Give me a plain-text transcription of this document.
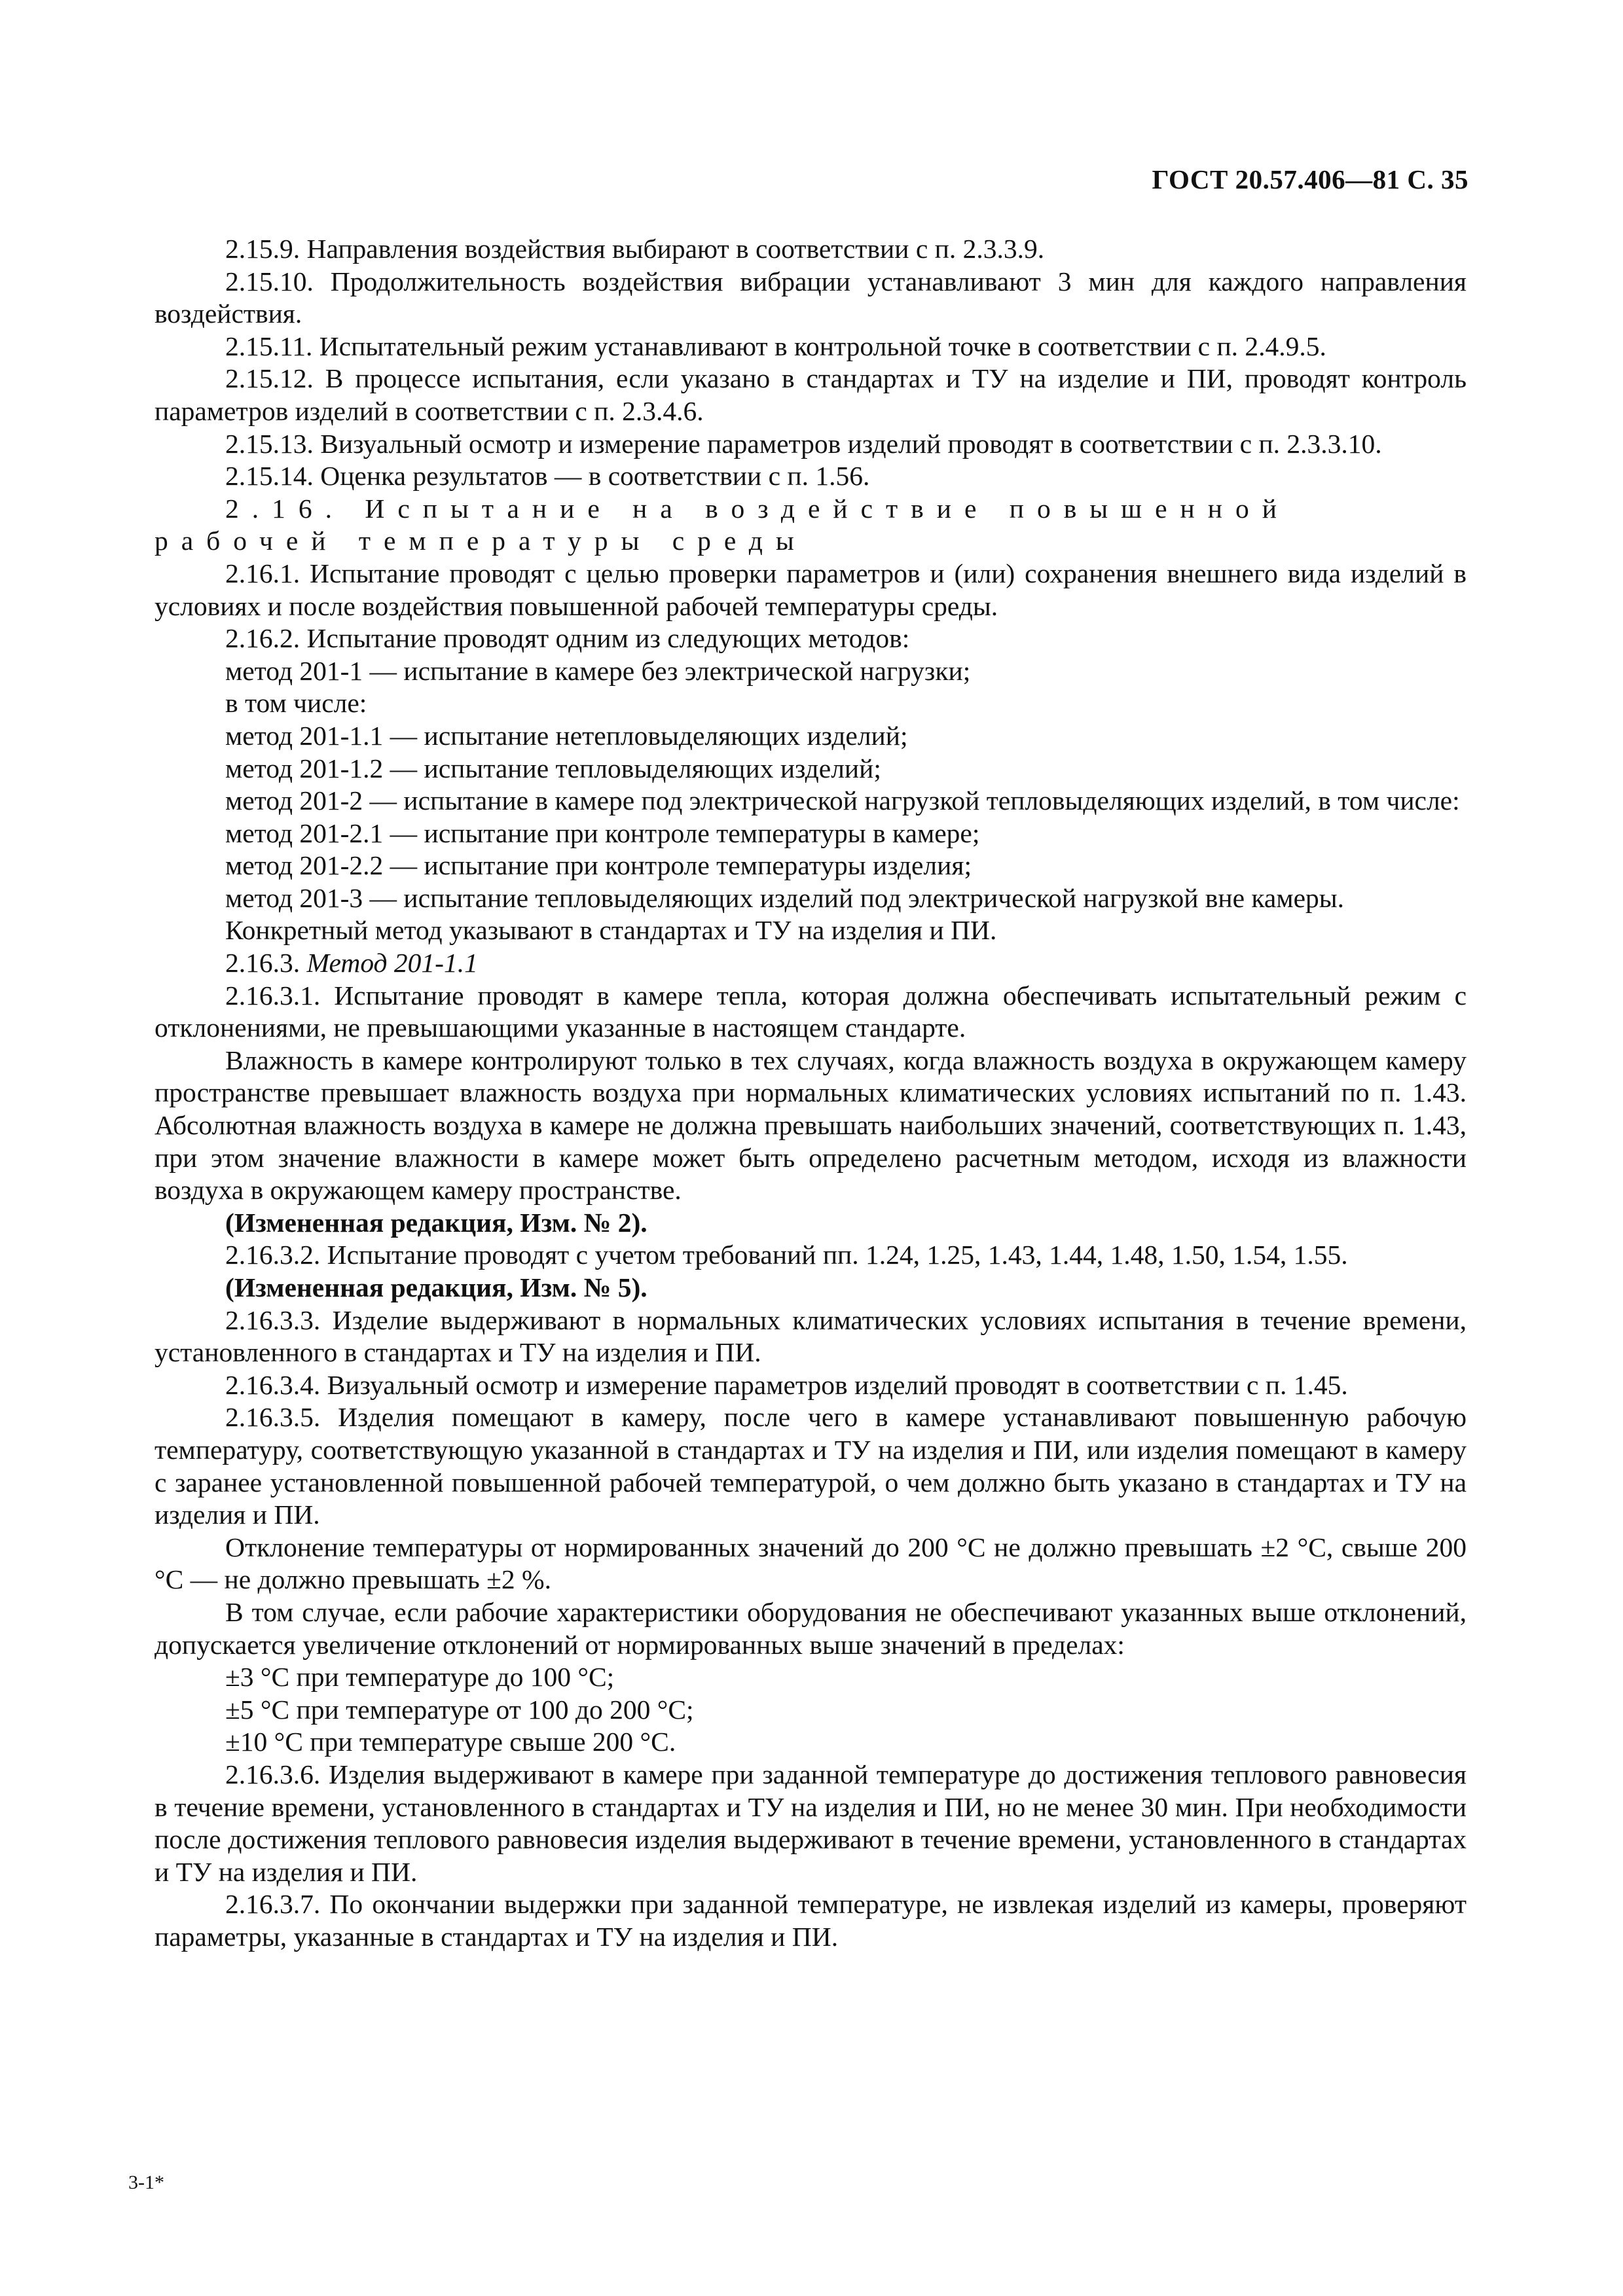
ГОСТ 20.57.406—81 С. 35

2.15.9. Направления воздействия выбирают в соответствии с п. 2.3.3.9.

2.15.10. Продолжительность воздействия вибрации устанавливают 3 мин для каждого направления воздействия.

2.15.11. Испытательный режим устанавливают в контрольной точке в соответствии с п. 2.4.9.5.

2.15.12. В процессе испытания, если указано в стандартах и ТУ на изделие и ПИ, проводят контроль параметров изделий в соответствии с п. 2.3.4.6.

2.15.13. Визуальный осмотр и измерение параметров изделий проводят в соответствии с п. 2.3.3.10.

2.15.14. Оценка результатов — в соответствии с п. 1.56.

2.16. Испытание на воздействие повышенной рабочей температуры среды

2.16.1. Испытание проводят с целью проверки параметров и (или) сохранения внешнего вида изделий в условиях и после воздействия повышенной рабочей температуры среды.

2.16.2. Испытание проводят одним из следующих методов:

метод 201-1 — испытание в камере без электрической нагрузки;

в том числе:

метод 201-1.1 — испытание нетепловыделяющих изделий;

метод 201-1.2 — испытание тепловыделяющих изделий;

метод 201-2 — испытание в камере под электрической нагрузкой тепловыделяющих изделий, в том числе:

метод 201-2.1 — испытание при контроле температуры в камере;

метод 201-2.2 — испытание при контроле температуры изделия;

метод 201-3 — испытание тепловыделяющих изделий под электрической нагрузкой вне камеры.

Конкретный метод указывают в стандартах и ТУ на изделия и ПИ.

2.16.3. Метод 201-1.1

2.16.3.1. Испытание проводят в камере тепла, которая должна обеспечивать испытательный режим с отклонениями, не превышающими указанные в настоящем стандарте.

Влажность в камере контролируют только в тех случаях, когда влажность воздуха в окружающем камеру пространстве превышает влажность воздуха при нормальных климатических условиях испытаний по п. 1.43. Абсолютная влажность воздуха в камере не должна превышать наибольших значений, соответствующих п. 1.43, при этом значение влажности в камере может быть определено расчетным методом, исходя из влажности воздуха в окружающем камеру пространстве.

(Измененная редакция, Изм. № 2).

2.16.3.2. Испытание проводят с учетом требований пп. 1.24, 1.25, 1.43, 1.44, 1.48, 1.50, 1.54, 1.55.

(Измененная редакция, Изм. № 5).

2.16.3.3. Изделие выдерживают в нормальных климатических условиях испытания в течение времени, установленного в стандартах и ТУ на изделия и ПИ.

2.16.3.4. Визуальный осмотр и измерение параметров изделий проводят в соответствии с п. 1.45.

2.16.3.5. Изделия помещают в камеру, после чего в камере устанавливают повышенную рабочую температуру, соответствующую указанной в стандартах и ТУ на изделия и ПИ, или изделия помещают в камеру с заранее установленной повышенной рабочей температурой, о чем должно быть указано в стандартах и ТУ на изделия и ПИ.

Отклонение температуры от нормированных значений до 200 °С не должно превышать ±2 °С, свыше 200 °С — не должно превышать ±2 %.

В том случае, если рабочие характеристики оборудования не обеспечивают указанных выше отклонений, допускается увеличение отклонений от нормированных выше значений в пределах:

±3 °С при температуре до 100 °С;

±5 °С при температуре от 100 до 200 °С;

±10 °С при температуре свыше 200 °С.

2.16.3.6. Изделия выдерживают в камере при заданной температуре до достижения теплового равновесия в течение времени, установленного в стандартах и ТУ на изделия и ПИ, но не менее 30 мин. При необходимости после достижения теплового равновесия изделия выдерживают в течение времени, установленного в стандартах и ТУ на изделия и ПИ.

2.16.3.7. По окончании выдержки при заданной температуре, не извлекая изделий из камеры, проверяют параметры, указанные в стандартах и ТУ на изделия и ПИ.

3-1*
